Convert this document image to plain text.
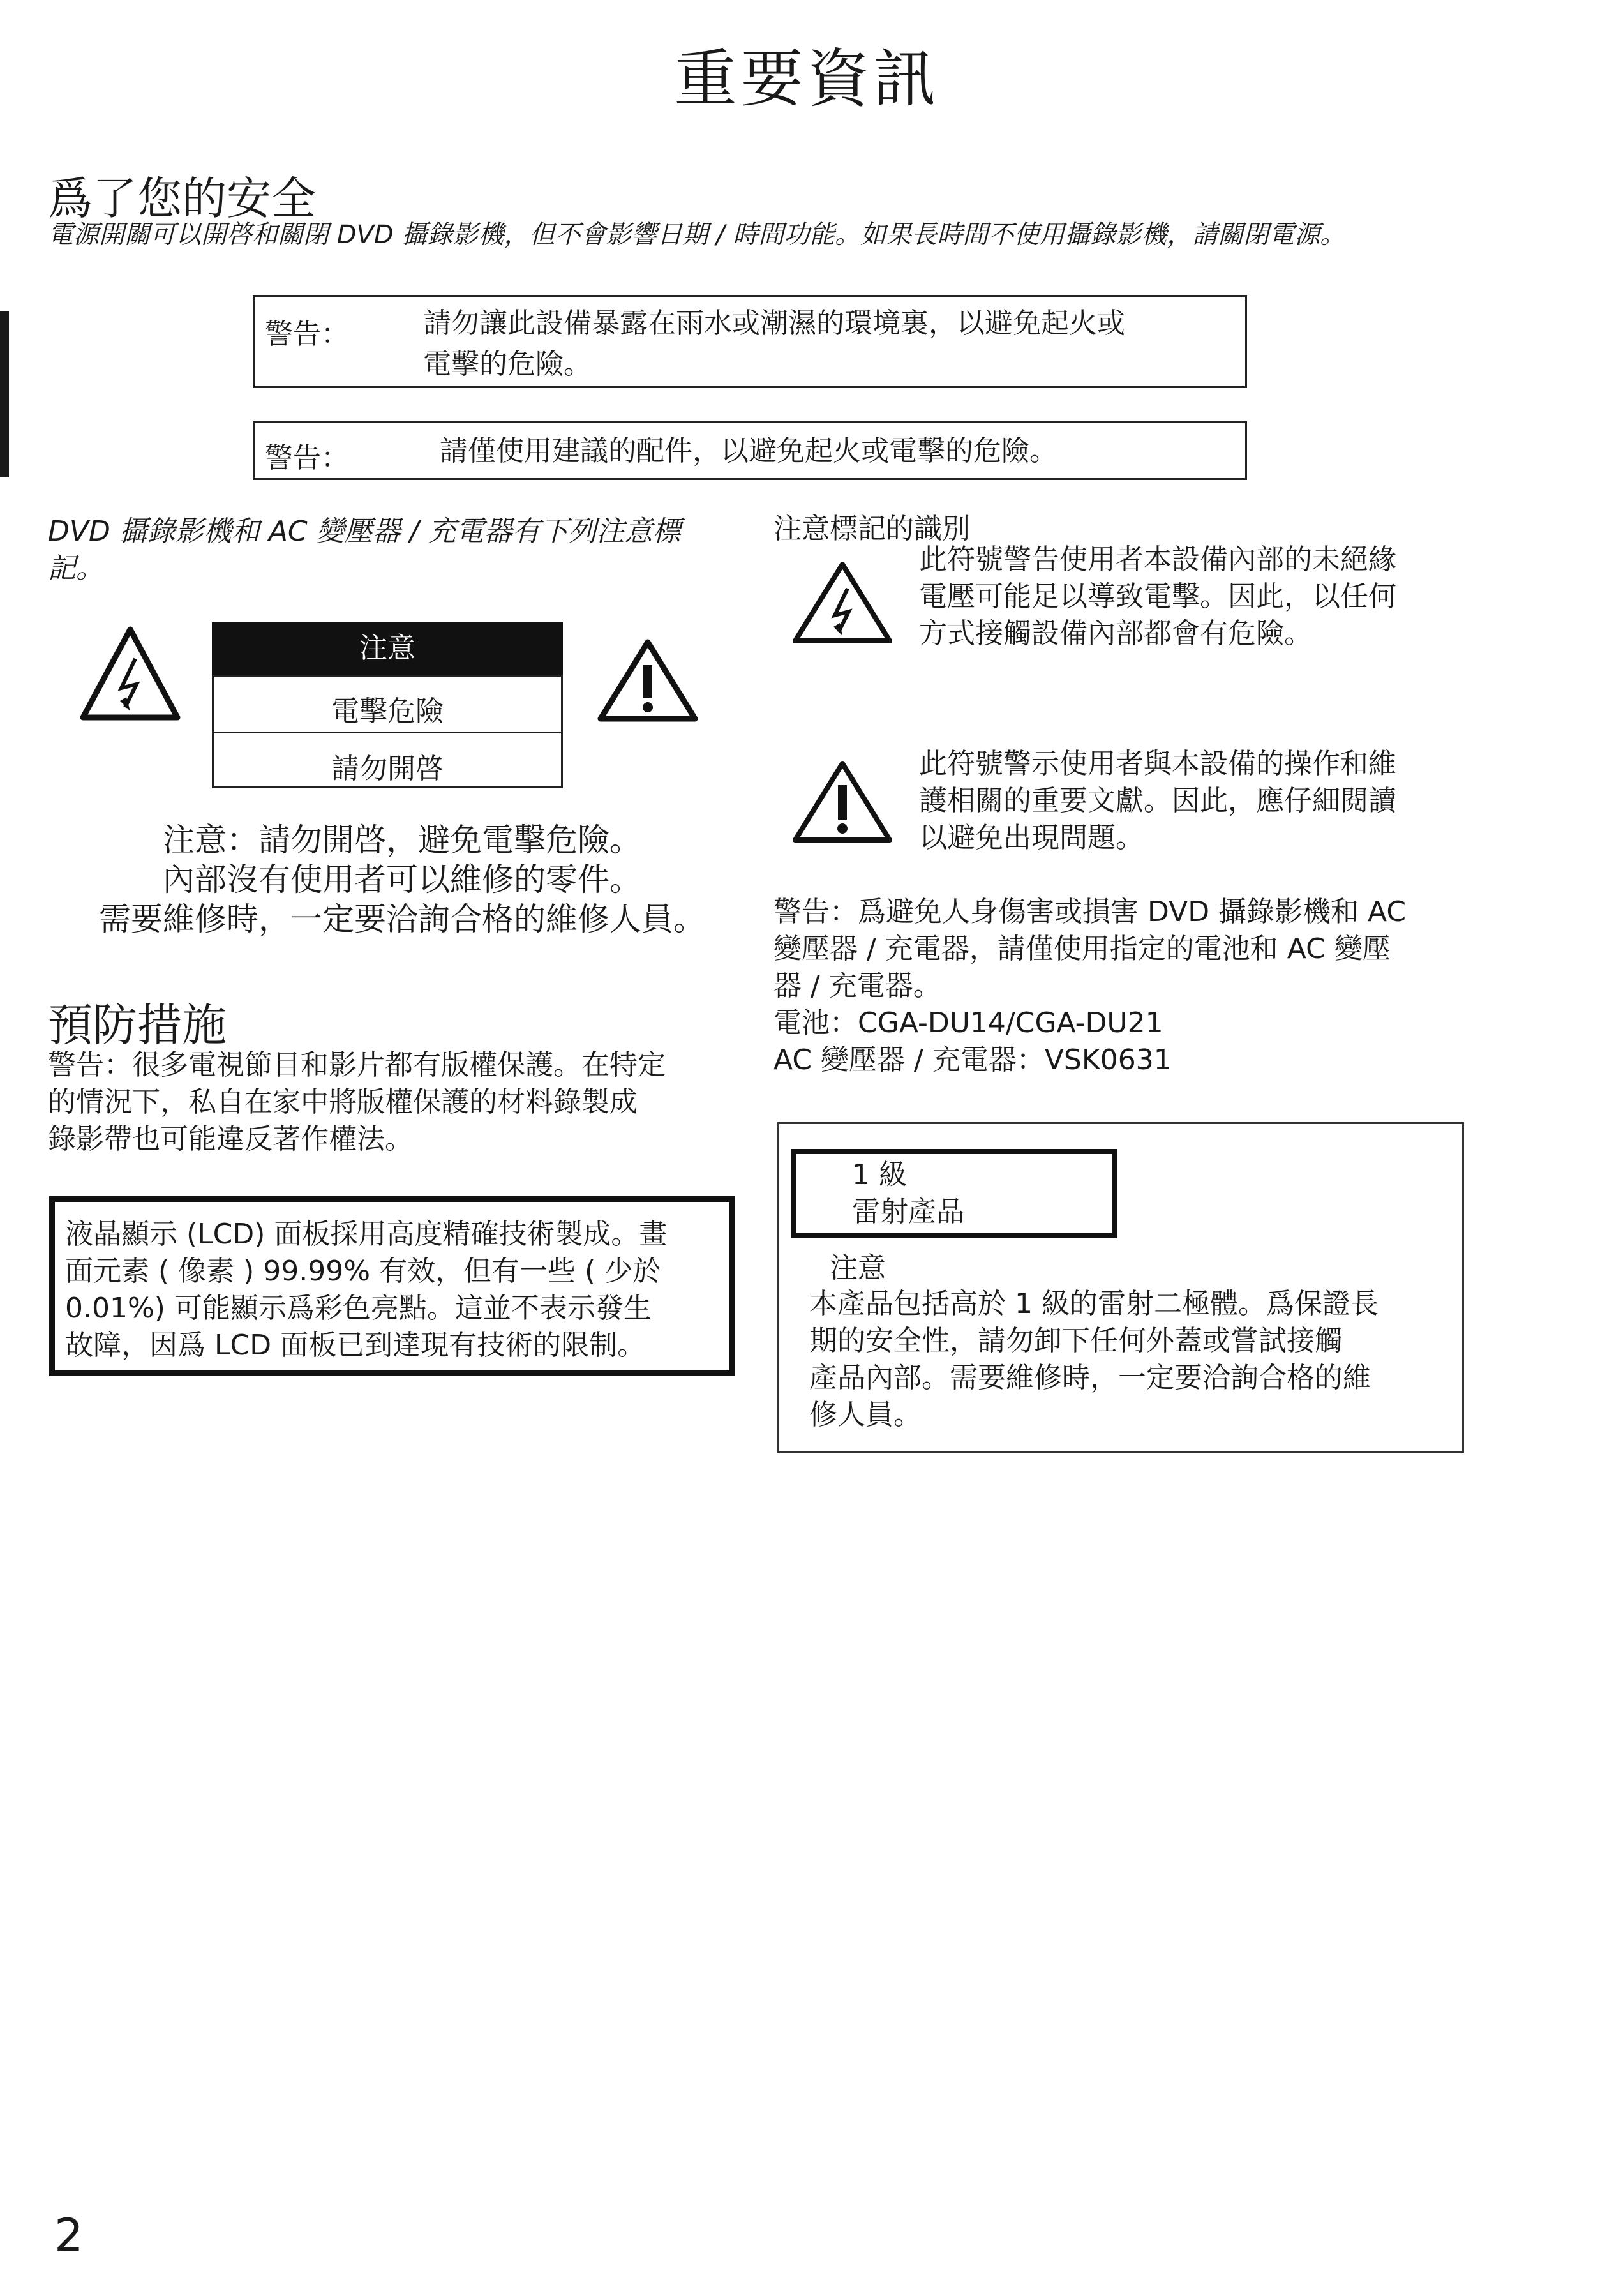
重要資訊
爲了您的安全
電源開關可以開啓和關閉 DVD 攝錄影機，但不會影響日期 / 時間功能。如果長時間不使用攝錄影機，請關閉電源。
警告：	請勿讓此設備暴露在雨水或潮濕的環境裏，以避免起火或
電擊的危險。
警告：	請僅使用建議的配件，以避免起火或電擊的危險。
DVD 攝錄影機和 AC 變壓器 / 充電器有下列注意標
記。
注意
電擊危險
請勿開啓
注意：請勿開啓，避免電擊危險。
內部沒有使用者可以維修的零件。
需要維修時，一定要洽詢合格的維修人員。
預防措施
警告：很多電視節目和影片都有版權保護。在特定
的情況下，私自在家中將版權保護的材料錄製成
錄影帶也可能違反著作權法。
液晶顯示 (LCD) 面板採用高度精確技術製成。畫
面元素 ( 像素 ) 99.99% 有效，但有一些 ( 少於
0.01%) 可能顯示爲彩色亮點。這並不表示發生
故障，因爲 LCD 面板已到達現有技術的限制。
注意標記的識別
此符號警告使用者本設備內部的未絕緣
電壓可能足以導致電擊。因此，以任何
方式接觸設備內部都會有危險。
此符號警示使用者與本設備的操作和維
護相關的重要文獻。因此，應仔細閱讀
以避免出現問題。
警告：爲避免人身傷害或損害 DVD 攝錄影機和 AC
變壓器 / 充電器，請僅使用指定的電池和 AC 變壓
器 / 充電器。
電池：CGA-DU14/CGA-DU21
AC 變壓器 / 充電器：VSK0631
1 級
雷射產品
注意
本產品包括高於 1 級的雷射二極體。爲保證長
期的安全性，請勿卸下任何外蓋或嘗試接觸
產品內部。需要維修時，一定要洽詢合格的維
修人員。
2
